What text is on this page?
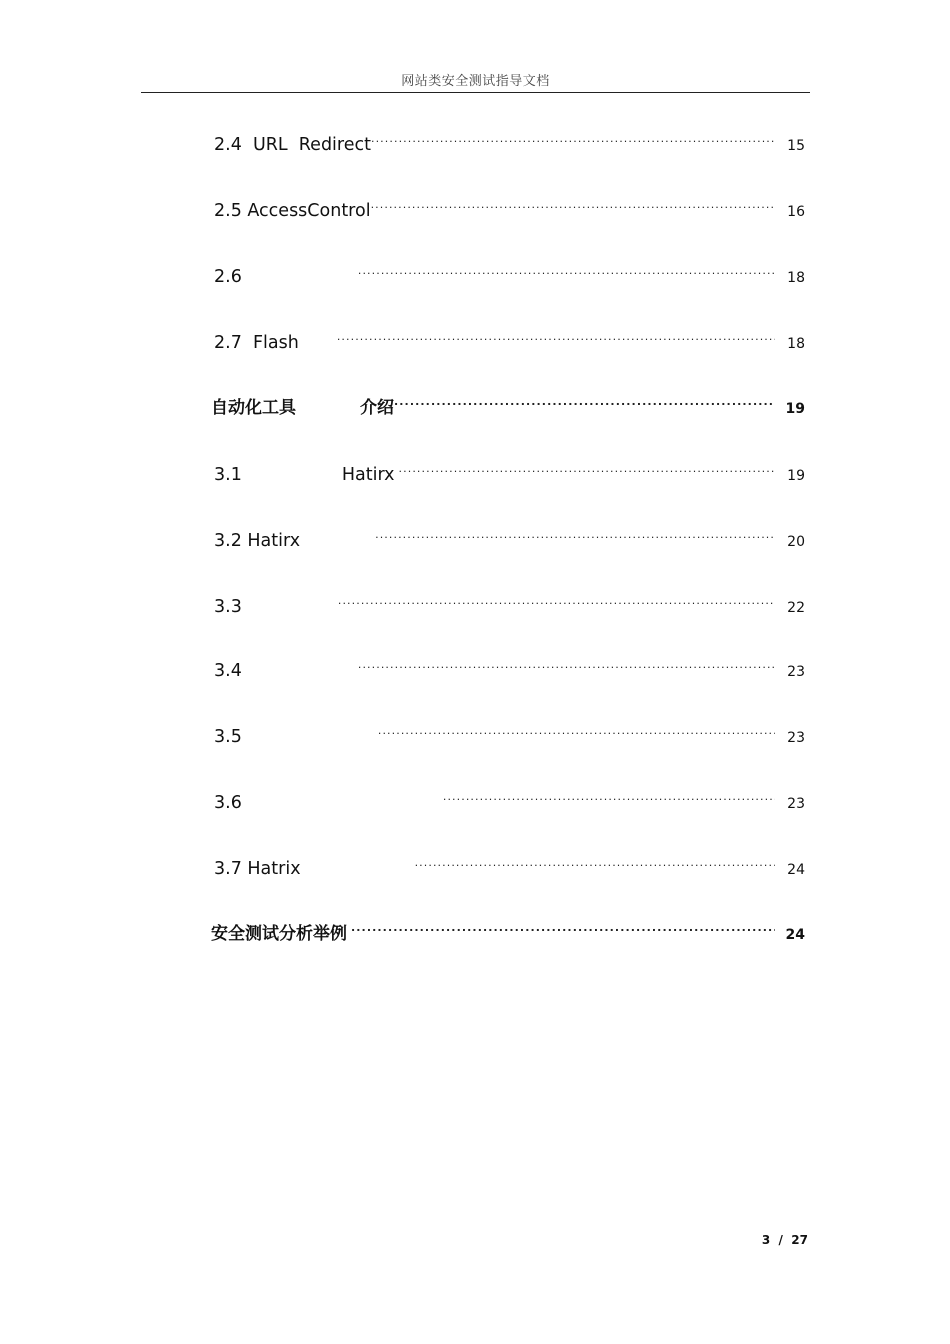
网站类安全测试指导文档
2.4  URL  Redirect .....	15
2.5 AccessControl .....	16
2.6 .....	18
2.7  Flash .....	18
自动化工具	介绍 .....	19
3.1	Hatirx .....	19
3.2 Hatirx .....	20
3.3 .....	22
3.4 .....	23
3.5 .....	23
3.6 .....	23
3.7 Hatrix .....	24
安全测试分析举例 .....	24
3  /  27
